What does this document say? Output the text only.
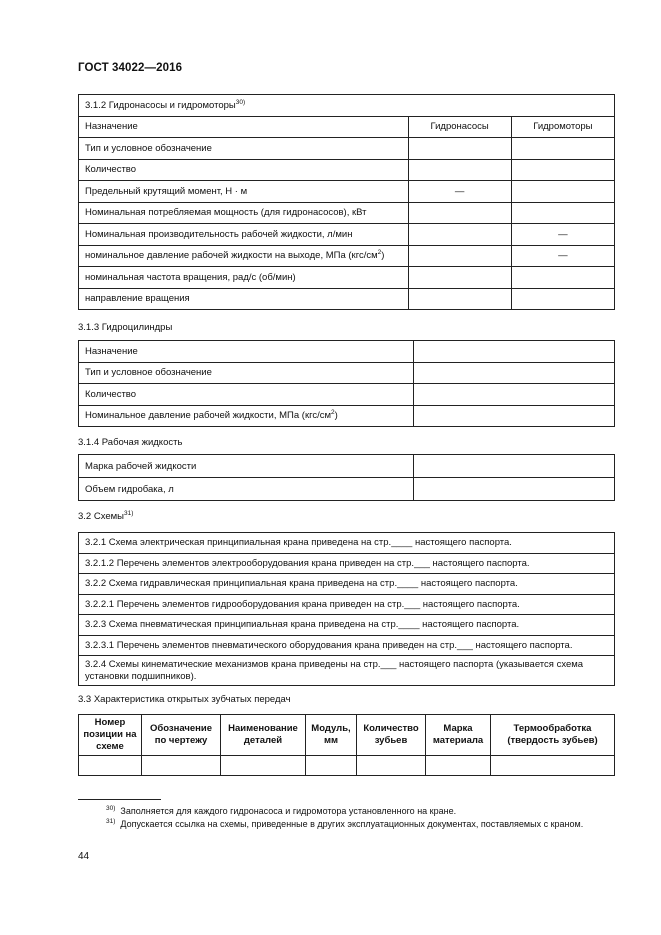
ГОСТ 34022—2016
3.1.2 Гидронасосы и гидромоторы$^{30)}$
Назначение	Гидронасосы	Гидромоторы
Тип и условное обозначение		
Количество		
Предельный крутящий момент, Н · м	—	
Номинальная потребляемая мощность (для гидронасосов), кВт		
Номинальная производительность рабочей жидкости, л/мин		—
номинальное давление рабочей жидкости на выходе, МПа $(кгс/см^2)$		—
номинальная частота вращения, рад/с (об/мин)		
направление вращения		
3.1.3 Гидроцилиндры
Назначение	
Тип и условное обозначение	
Количество	
Номинальное давление рабочей жидкости, МПа $(кгс/см^2)$	
3.1.4 Рабочая жидкость
Марка рабочей жидкости	
Объем гидробака, л	
3.2 Схемы$^{31)}$
3.2.1 Схема электрическая принципиальная крана приведена на стр.____ настоящего паспорта.
3.2.1.2 Перечень элементов электрооборудования крана приведен на стр.___ настоящего паспорта.
3.2.2 Схема гидравлическая принципиальная крана приведена на стр.____ настоящего паспорта.
3.2.2.1 Перечень элементов гидрооборудования крана приведен на стр.___ настоящего паспорта.
3.2.3 Схема пневматическая принципиальная крана приведена на стр.____ настоящего паспорта.
3.2.3.1 Перечень элементов пневматического оборудования крана приведен на стр.___ настоящего паспорта.
3.2.4 Схемы кинематические механизмов крана приведены на стр.___ настоящего паспорта (указывается схема установки подшипников).
3.3 Характеристика открытых зубчатых передач
Номер позиции на схеме	Обозначение по чертежу	Наименование деталей	Модуль, мм	Количество зубьев	Марка материала	Термообработка (твердость зубьев)

$^{30)}$ Заполняется для каждого гидронасоса и гидромотора установленного на кране.
$^{31)}$ Допускается ссылка на схемы, приведенные в других эксплуатационных документах, поставляемых с краном.
44
